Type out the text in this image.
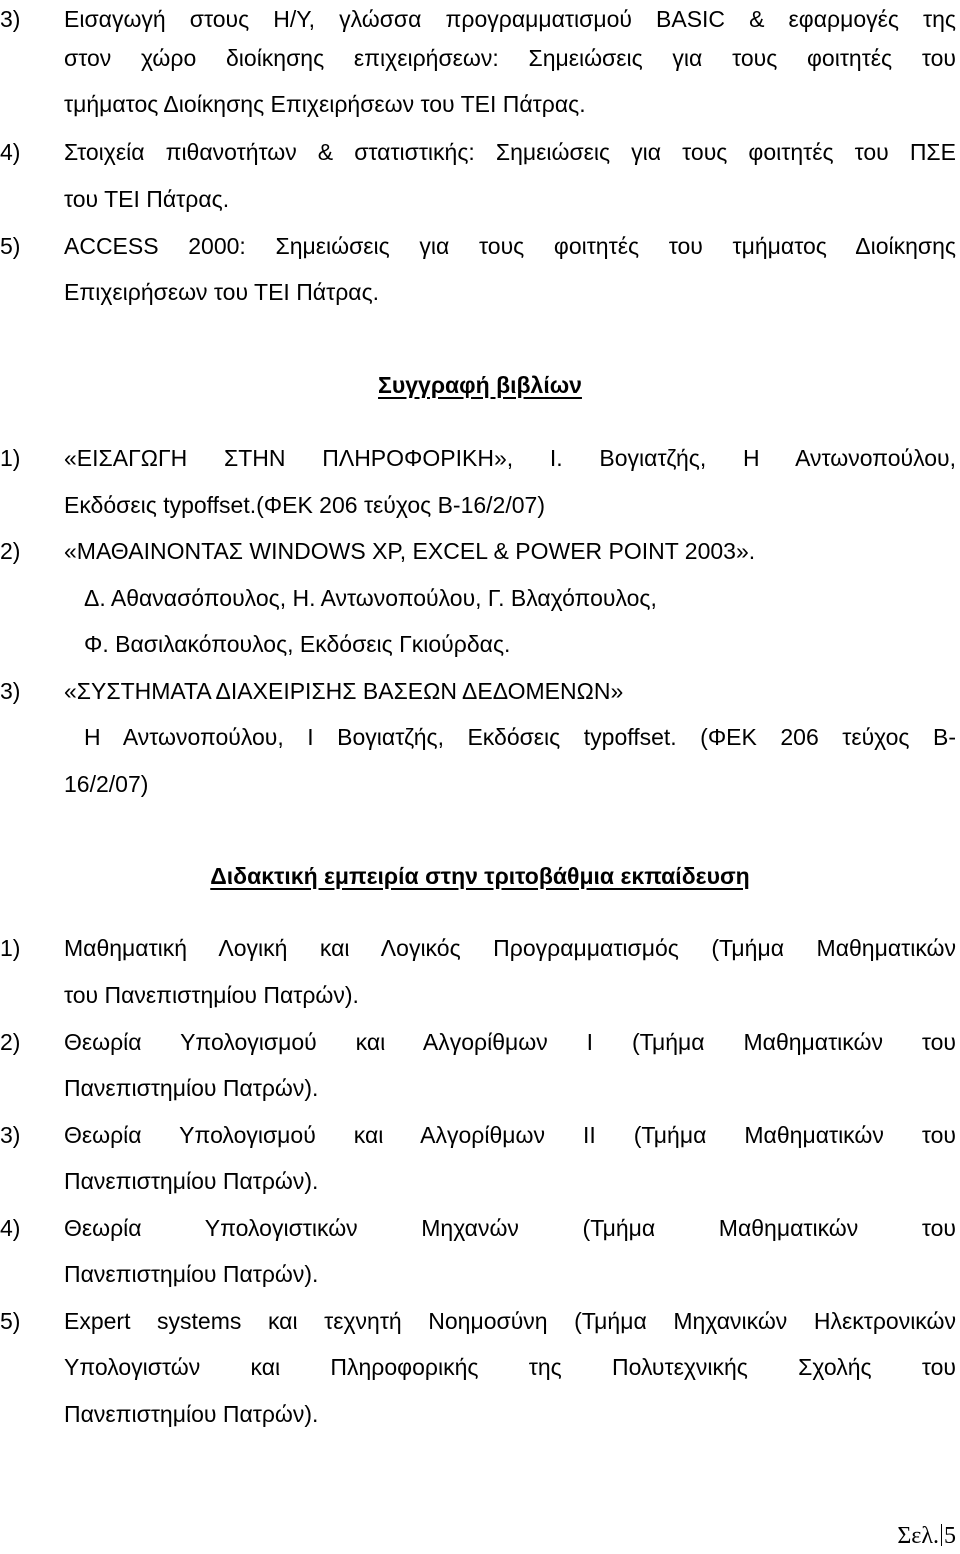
3) Εισαγωγή στους Η/Υ, γλώσσα προγραμματισμού BASIC & εφαρμογές της
στον χώρο διοίκησης επιχειρήσεων: Σημειώσεις για τους φοιτητές του
τμήματος Διοίκησης Επιχειρήσεων του ΤΕΙ Πάτρας.
4) Στοιχεία πιθανοτήτων & στατιστικής: Σημειώσεις για τους φοιτητές του ΠΣΕ
του ΤΕΙ Πάτρας.
5) ACCESS 2000: Σημειώσεις για τους φοιτητές του τμήματος Διοίκησης
Επιχειρήσεων του ΤΕΙ Πάτρας.
Συγγραφή βιβλίων
1) «ΕΙΣΑΓΩΓΗ ΣΤΗΝ ΠΛΗΡΟΦΟΡΙΚΗ», Ι. Βογιατζής, Η Αντωνοπούλου,
Εκδόσεις typoffset.(ΦΕΚ 206 τεύχος Β-16/2/07)
2) «ΜΑΘΑΙΝΟΝΤΑΣ WINDOWS XP, EXCEL & POWER POINT 2003».
Δ. Αθανασόπουλος, Η. Αντωνοπούλου, Γ. Βλαχόπουλος,
Φ. Βασιλακόπουλος, Εκδόσεις Γκιούρδας.
3) «ΣΥΣΤΗΜΑΤΑ ΔΙΑΧΕΙΡΙΣΗΣ ΒΑΣΕΩΝ ΔΕΔΟΜΕΝΩΝ»
Η Αντωνοπούλου, Ι Βογιατζής, Εκδόσεις typoffset. (ΦΕΚ 206 τεύχος Β-
16/2/07)
Διδακτική εμπειρία στην τριτοβάθμια εκπαίδευση
1) Μαθηματική Λογική και Λογικός Προγραμματισμός (Τμήμα Μαθηματικών
του Πανεπιστημίου Πατρών).
2) Θεωρία Υπολογισμού και Αλγορίθμων Ι (Τμήμα Μαθηματικών του
Πανεπιστημίου Πατρών).
3) Θεωρία Υπολογισμού και Αλγορίθμων ΙΙ (Τμήμα Μαθηματικών του
Πανεπιστημίου Πατρών).
4) Θεωρία Υπολογιστικών Μηχανών (Τμήμα Μαθηματικών του
Πανεπιστημίου Πατρών).
5) Expert systems και τεχνητή Νοημοσύνη (Τμήμα Μηχανικών Ηλεκτρονικών
Υπολογιστών και Πληροφορικής της Πολυτεχνικής Σχολής του
Πανεπιστημίου Πατρών).
Σελ. 5
